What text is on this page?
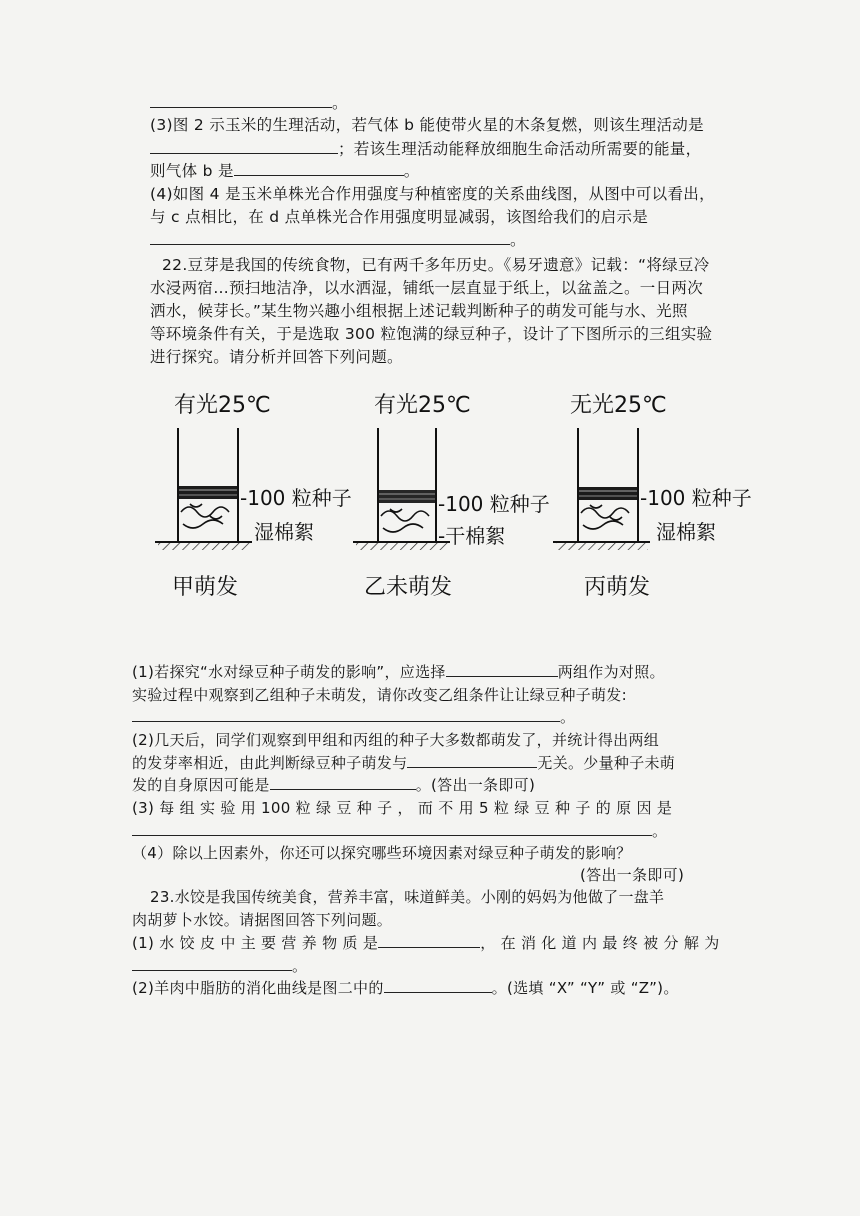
。
(3)图 2 示玉米的生理活动，若气体 b 能使带火星的木条复燃，则该生理活动是
；若该生理活动能释放细胞生命活动所需要的能量，
则气体 b 是	。
(4)如图 4 是玉米单株光合作用强度与种植密度的关系曲线图，从图中可以看出，
与 c 点相比，在 d 点单株光合作用强度明显减弱，该图给我们的启示是
。
22.豆芽是我国的传统食物，已有两千多年历史。《易牙遗意》记载：“将绿豆冷
水浸两宿…预扫地洁净，以水洒湿，铺纸一层直显于纸上，以盆盖之。一日两次
洒水，候芽长。”某生物兴趣小组根据上述记载判断种子的萌发可能与水、光照
等环境条件有关，于是选取 300 粒饱满的绿豆种子，设计了下图所示的三组实验
进行探究。请分析并回答下列问题。
有光25℃	有光25℃	无光25℃
-100 粒种子	-100 粒种子	-100 粒种子
湿棉絮	-干棉絮	湿棉絮
甲萌发	乙未萌发	丙萌发
(1)若探究“水对绿豆种子萌发的影响”，应选择	两组作为对照。
实验过程中观察到乙组种子未萌发，请你改变乙组条件让让绿豆种子萌发:
。
(2)几天后，同学们观察到甲组和丙组的种子大多数都萌发了，并统计得出两组
的发芽率相近，由此判断绿豆种子萌发与	无关。少量种子未萌
发的自身原因可能是	。(答出一条即可)
(3) 每 组 实 验 用 100 粒 绿 豆 种 子 ， 而 不 用 5 粒 绿 豆 种 子 的 原 因 是
。
（4）除以上因素外，你还可以探究哪些环境因素对绿豆种子萌发的影响？
(答出一条即可)
23.水饺是我国传统美食，营养丰富，味道鲜美。小刚的妈妈为他做了一盘羊
肉胡萝卜水饺。请据图回答下列问题。
(1) 水 饺 皮 中 主 要 营 养 物 质 是	， 在 消 化 道 内 最 终 被 分 解 为
。
(2)羊肉中脂肪的消化曲线是图二中的	。(选填 “X” “Y” 或 “Z”)。
